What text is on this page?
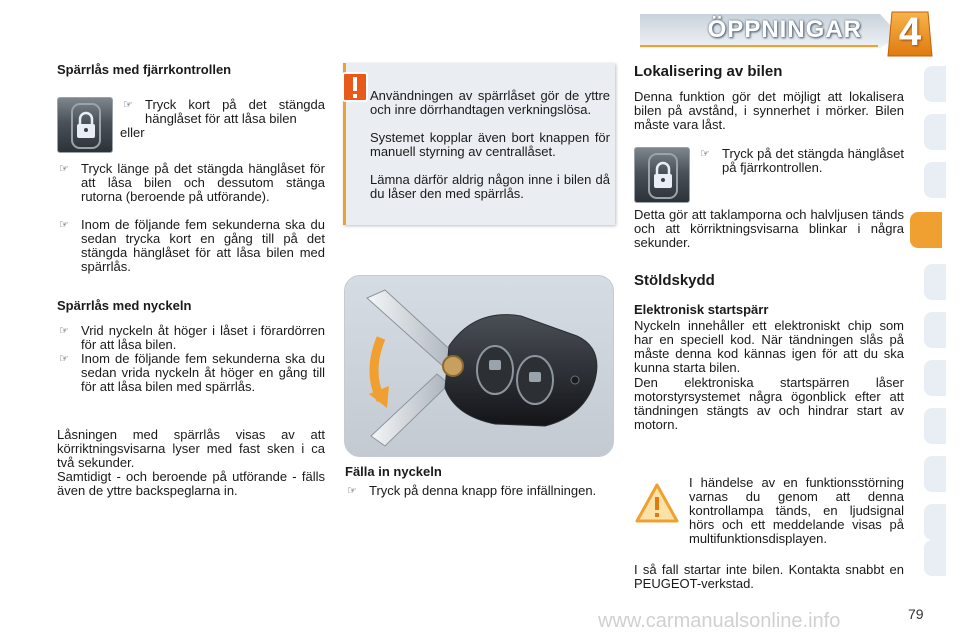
ÖPPNINGAR 4
Spärrlås med fjärrkontrollen
☞ Tryck kort på det stängda hänglåset för att låsa bilen
eller
☞ Tryck länge på det stängda hänglåset för att låsa bilen och dessutom stänga rutorna (beroende på utförande).
☞ Inom de följande fem sekunderna ska du sedan trycka kort en gång till på det stängda hänglåset för att låsa bilen med spärrlås.
Spärrlås med nyckeln
☞ Vrid nyckeln åt höger i låset i förardörren för att låsa bilen.
☞ Inom de följande fem sekunderna ska du sedan vrida nyckeln åt höger en gång till för att låsa bilen med spärrlås.
Låsningen med spärrlås visas av att körriktningsvisarna lyser med fast sken i ca två sekunder.
Samtidigt - och beroende på utförande - fälls även de yttre backspeglarna in.
Användningen av spärrlåset gör de yttre och inre dörrhandtagen verkningslösa.
Systemet kopplar även bort knappen för manuell styrning av centrallåset.
Lämna därför aldrig någon inne i bilen då du låser den med spärrlås.
Fälla in nyckeln
☞ Tryck på denna knapp före infällningen.
Lokalisering av bilen
Denna funktion gör det möjligt att lokalisera bilen på avstånd, i synnerhet i mörker. Bilen måste vara låst.
☞ Tryck på det stängda hänglåset på fjärrkontrollen.
Detta gör att taklamporna och halvljusen tänds och att körriktningsvisarna blinkar i några sekunder.
Stöldskydd
Elektronisk startspärr
Nyckeln innehåller ett elektroniskt chip som har en speciell kod. När tändningen slås på måste denna kod kännas igen för att du ska kunna starta bilen.
Den elektroniska startspärren låser motorstyrsystemet några ögonblick efter att tändningen stängts av och hindrar start av motorn.
I händelse av en funktionsstörning varnas du genom att denna kontrollampa tänds, en ljudsignal hörs och ett meddelande visas på multifunktionsdisplayen.
I så fall startar inte bilen. Kontakta snabbt en PEUGEOT-verkstad.
79
www.carmanualsonline.info
